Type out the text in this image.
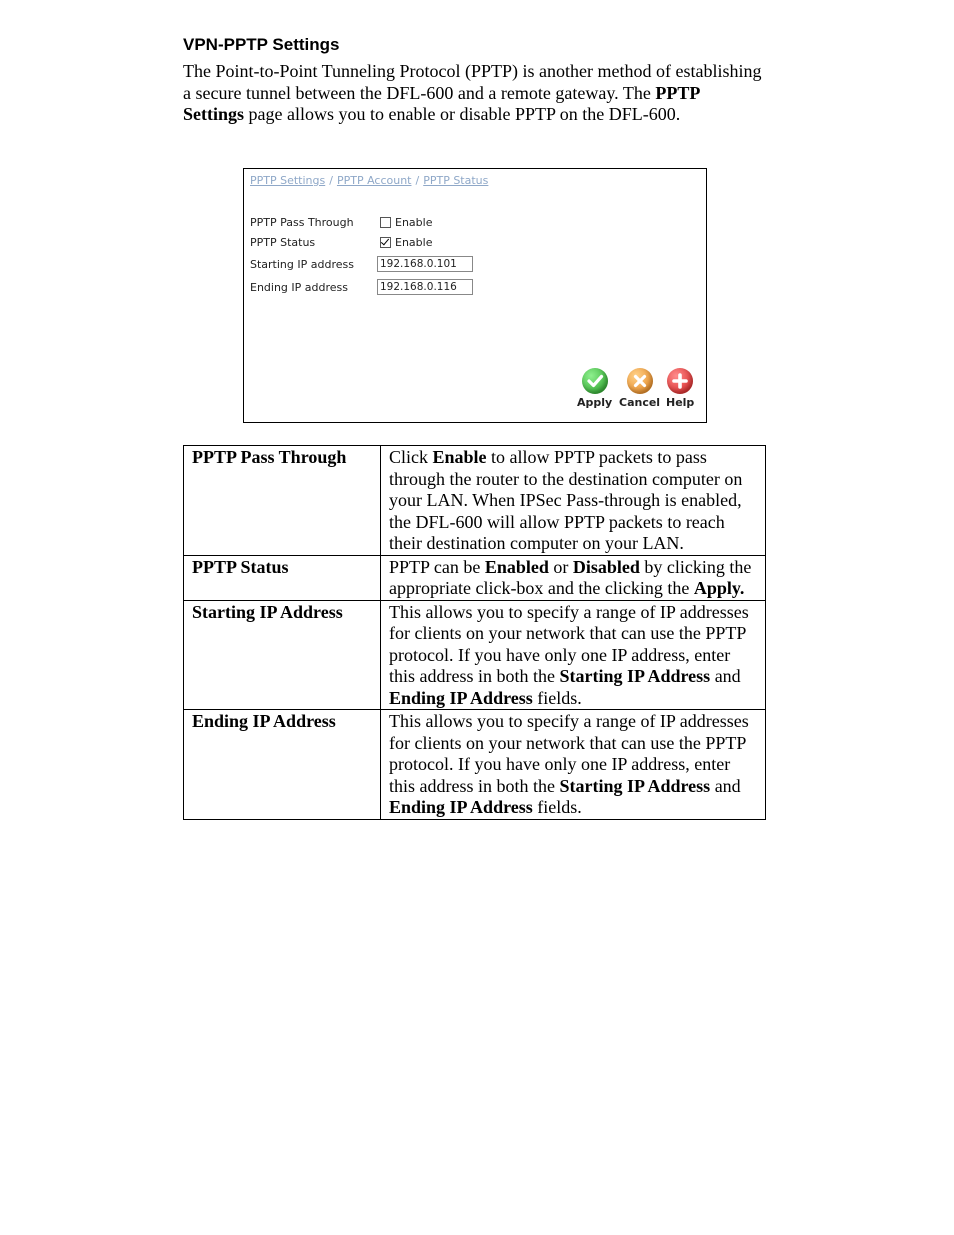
VPN-PPTP Settings

The Point-to-Point Tunneling Protocol (PPTP) is another method of establishing a secure tunnel between the DFL-600 and a remote gateway. The PPTP Settings page allows you to enable or disable PPTP on the DFL-600.

PPTP Settings / PPTP Account / PPTP Status
PPTP Pass Through	Enable
PPTP Status	Enable
Starting IP address 192.168.0.101
Ending IP address	192.168.0.116
Apply Cancel Help
PPTP Pass Through	Click Enable to allow PPTP packets to pass through the router to the destination computer on your LAN. When IPSec Pass-through is enabled, the DFL-600 will allow PPTP packets to reach their destination computer on your LAN.
PPTP Status	PPTP can be Enabled or Disabled by clicking the appropriate click-box and the clicking the Apply.
Starting IP Address	This allows you to specify a range of IP addresses for clients on your network that can use the PPTP protocol. If you have only one IP address, enter this address in both the Starting IP Address and Ending IP Address fields.
Ending IP Address	This allows you to specify a range of IP addresses for clients on your network that can use the PPTP protocol. If you have only one IP address, enter this address in both the Starting IP Address and Ending IP Address fields.
